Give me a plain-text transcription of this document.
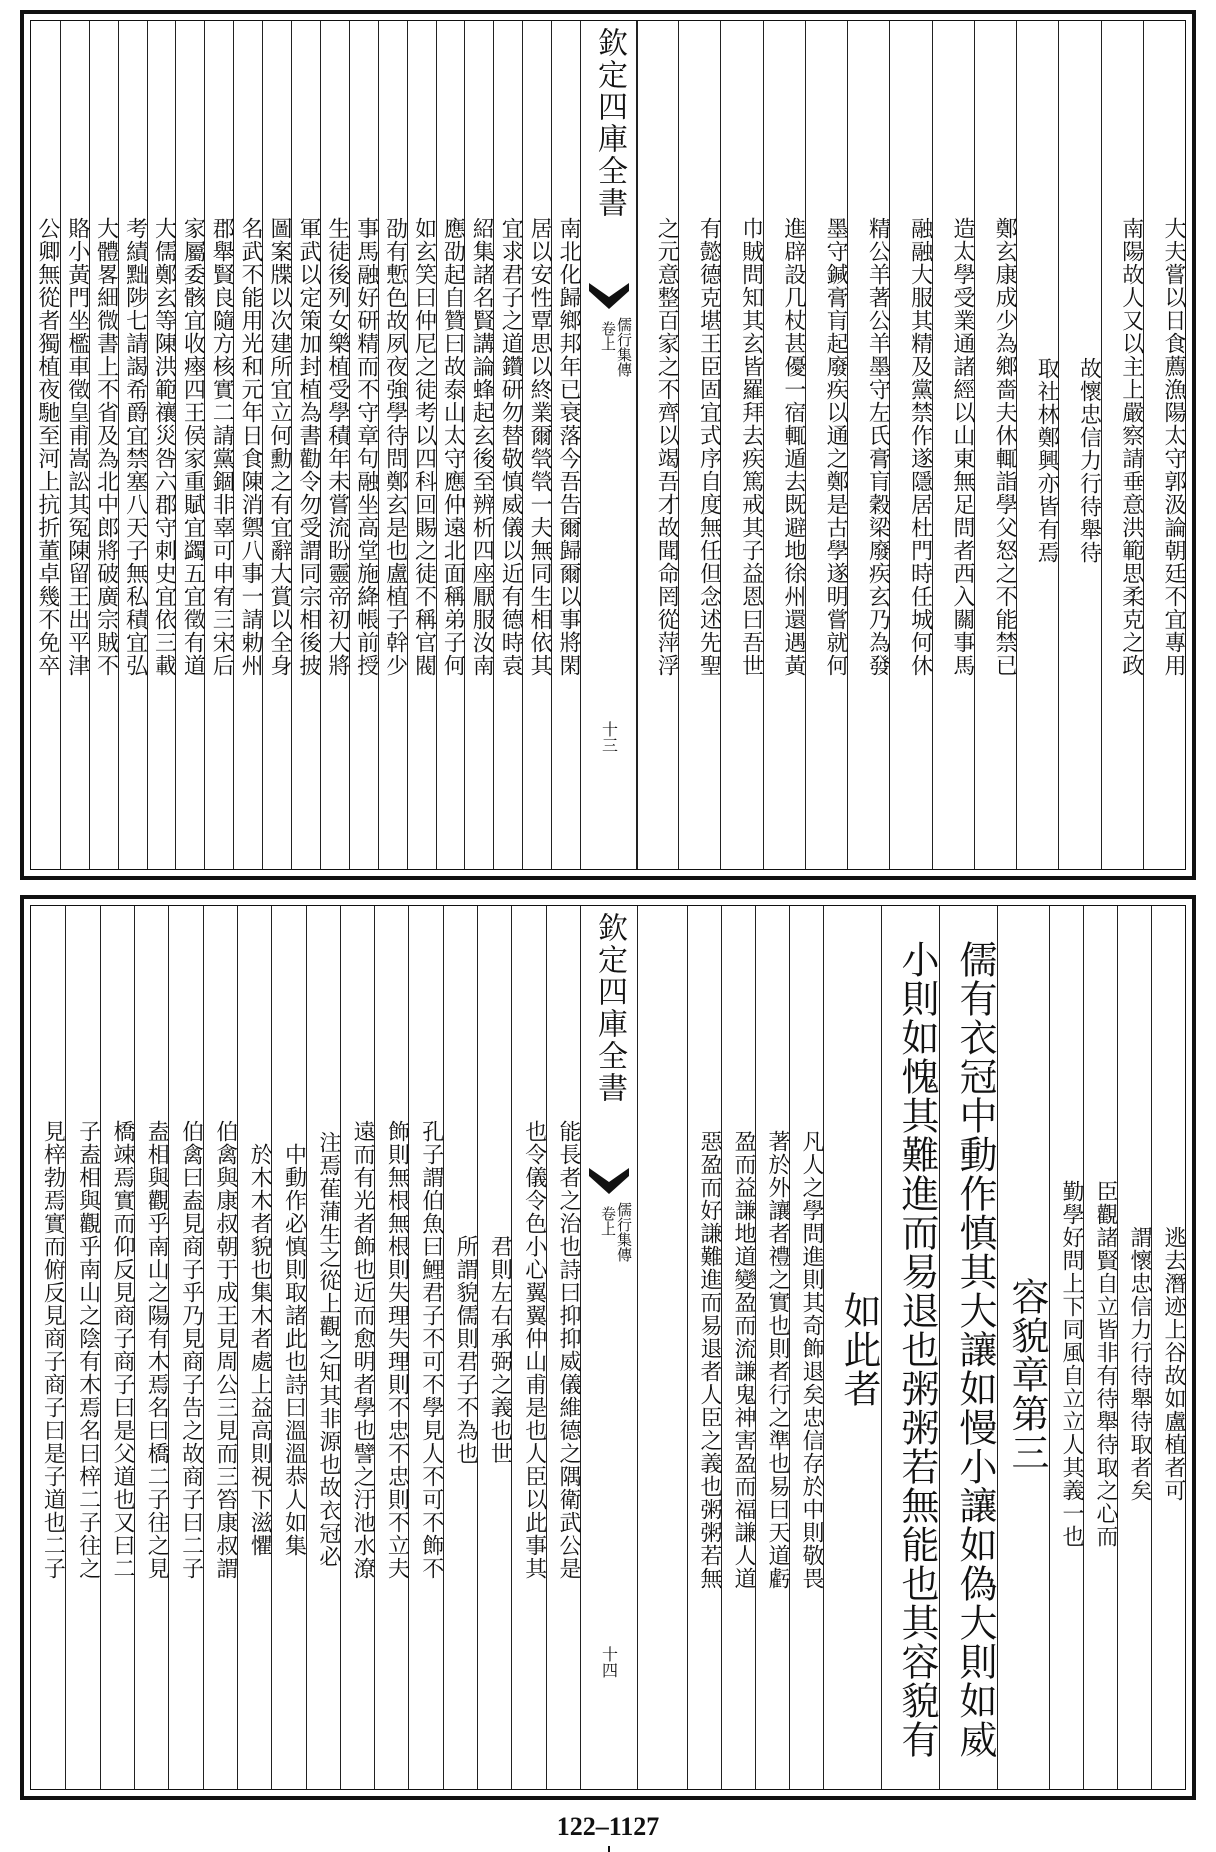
大夫嘗以日食薦漁陽太守郭汲論朝廷不宜專用
南陽故人又以主上嚴察請垂意洪範思柔克之政
故懷忠信力行待舉待
取社林鄭興亦皆有焉
鄭玄康成少為鄉嗇夫休輒詣學父怒之不能禁已
造太學受業通諸經以山東無足問者西入關事馬
融融大服其精及黨禁作遂隱居杜門時任城何休
精公羊著公羊墨守左氏膏肓穀梁廢疾玄乃為發
墨守鍼膏肓起廢疾以通之鄭是古學遂明嘗就何
進辟設几杖甚優一宿輒遁去既避地徐州還遇黃
巾賊問知其玄皆羅拜去疾篤戒其子益恩曰吾世
有懿德克堪王臣固宜式序自度無任但念述先聖
之元意整百家之不齊以竭吾才故聞命罔從萍浮
欽定四庫全書
卷上
儒行集傳
十三
南北化歸鄉邦年已衰落今吾告爾歸爾以事將閑
居以安性覃思以終業爾煢煢一夫無同生相依其
宜求君子之道鑽研勿替敬慎威儀以近有德時袁
紹集諸名賢講論蜂起玄後至辨析四座厭服汝南
應劭起自贊曰故泰山太守應仲遠北面稱弟子何
如玄笑曰仲尼之徒考以四科回賜之徒不稱官閥
劭有慙色故夙夜強學待問鄭玄是也盧植子幹少
事馬融好研精而不守章句融坐高堂施絳帳前授
生徒後列女樂植受學積年未嘗流盼靈帝初大將
軍武以定策加封植為書勸令勿受謂同宗相後披
圖案牒以次建所宜立何勳之有宜辭大賞以全身
名武不能用光和元年日食陳消禦八事一請勅州
郡舉賢良隨方核實二請黨錮非辜可申宥三宋后
家屬委骸宜收瘞四王侯家重賦宜蠲五宜徵有道
大儒鄭玄等陳洪範禳災咎六郡守刺史宜依三載
考績黜陟七請謁希爵宜禁塞八天子無私積宜弘
大體畧細微書上不省及為北中郎將破廣宗賊不
賂小黃門坐檻車徵皇甫嵩訟其冤陳留王出平津
公卿無從者獨植夜馳至河上抗折董卓幾不免卒
逃去潛迹上谷故如盧植者可
謂懷忠信力行待舉待取者矣
臣觀諸賢自立皆非有待舉待取之心而
勤學好問上下同風自立立人其義一也
容貌章第三
儒有衣冠中動作慎其大讓如慢小讓如偽大則如威
小則如愧其難進而易退也粥粥若無能也其容貌有
如此者
凡人之學問進則其奇飾退矣忠信存於中則敬畏
著於外讓者禮之實也則者行之準也易曰天道虧
盈而益謙地道變盈而流謙鬼神害盈而福謙人道
惡盈而好謙難進而易退者人臣之義也粥粥若無
欽定四庫全書
卷上
儒行集傳
十四
能長者之治也詩曰抑抑威儀維德之隅衛武公是
也令儀令色小心翼翼仲山甫是也人臣以此事其
君則左右承弼之義也世
所謂貌儒則君子不為也
孔子謂伯魚曰鯉君子不可不學見人不可不飾不
飾則無根無根則失理失理則不忠不忠則不立夫
遠而有光者飾也近而愈明者學也譬之汙池水潦
注焉萑蒲生之從上觀之知其非源也故衣冠必
中動作必慎則取諸此也詩曰溫溫恭人如集
於木木者貌也集木者處上益高則視下滋懼
伯禽與康叔朝于成王見周公三見而三笞康叔謂
伯禽曰盍見商子乎乃見商子告之故商子曰二子
盍相與觀乎南山之陽有木焉名曰橋二子往之見
橋竦焉實而仰反見商子商子曰是父道也又曰二
子盍相與觀乎南山之陰有木焉名曰梓二子往之
見梓勃焉實而俯反見商子商子曰是子道也二子
122–1127
